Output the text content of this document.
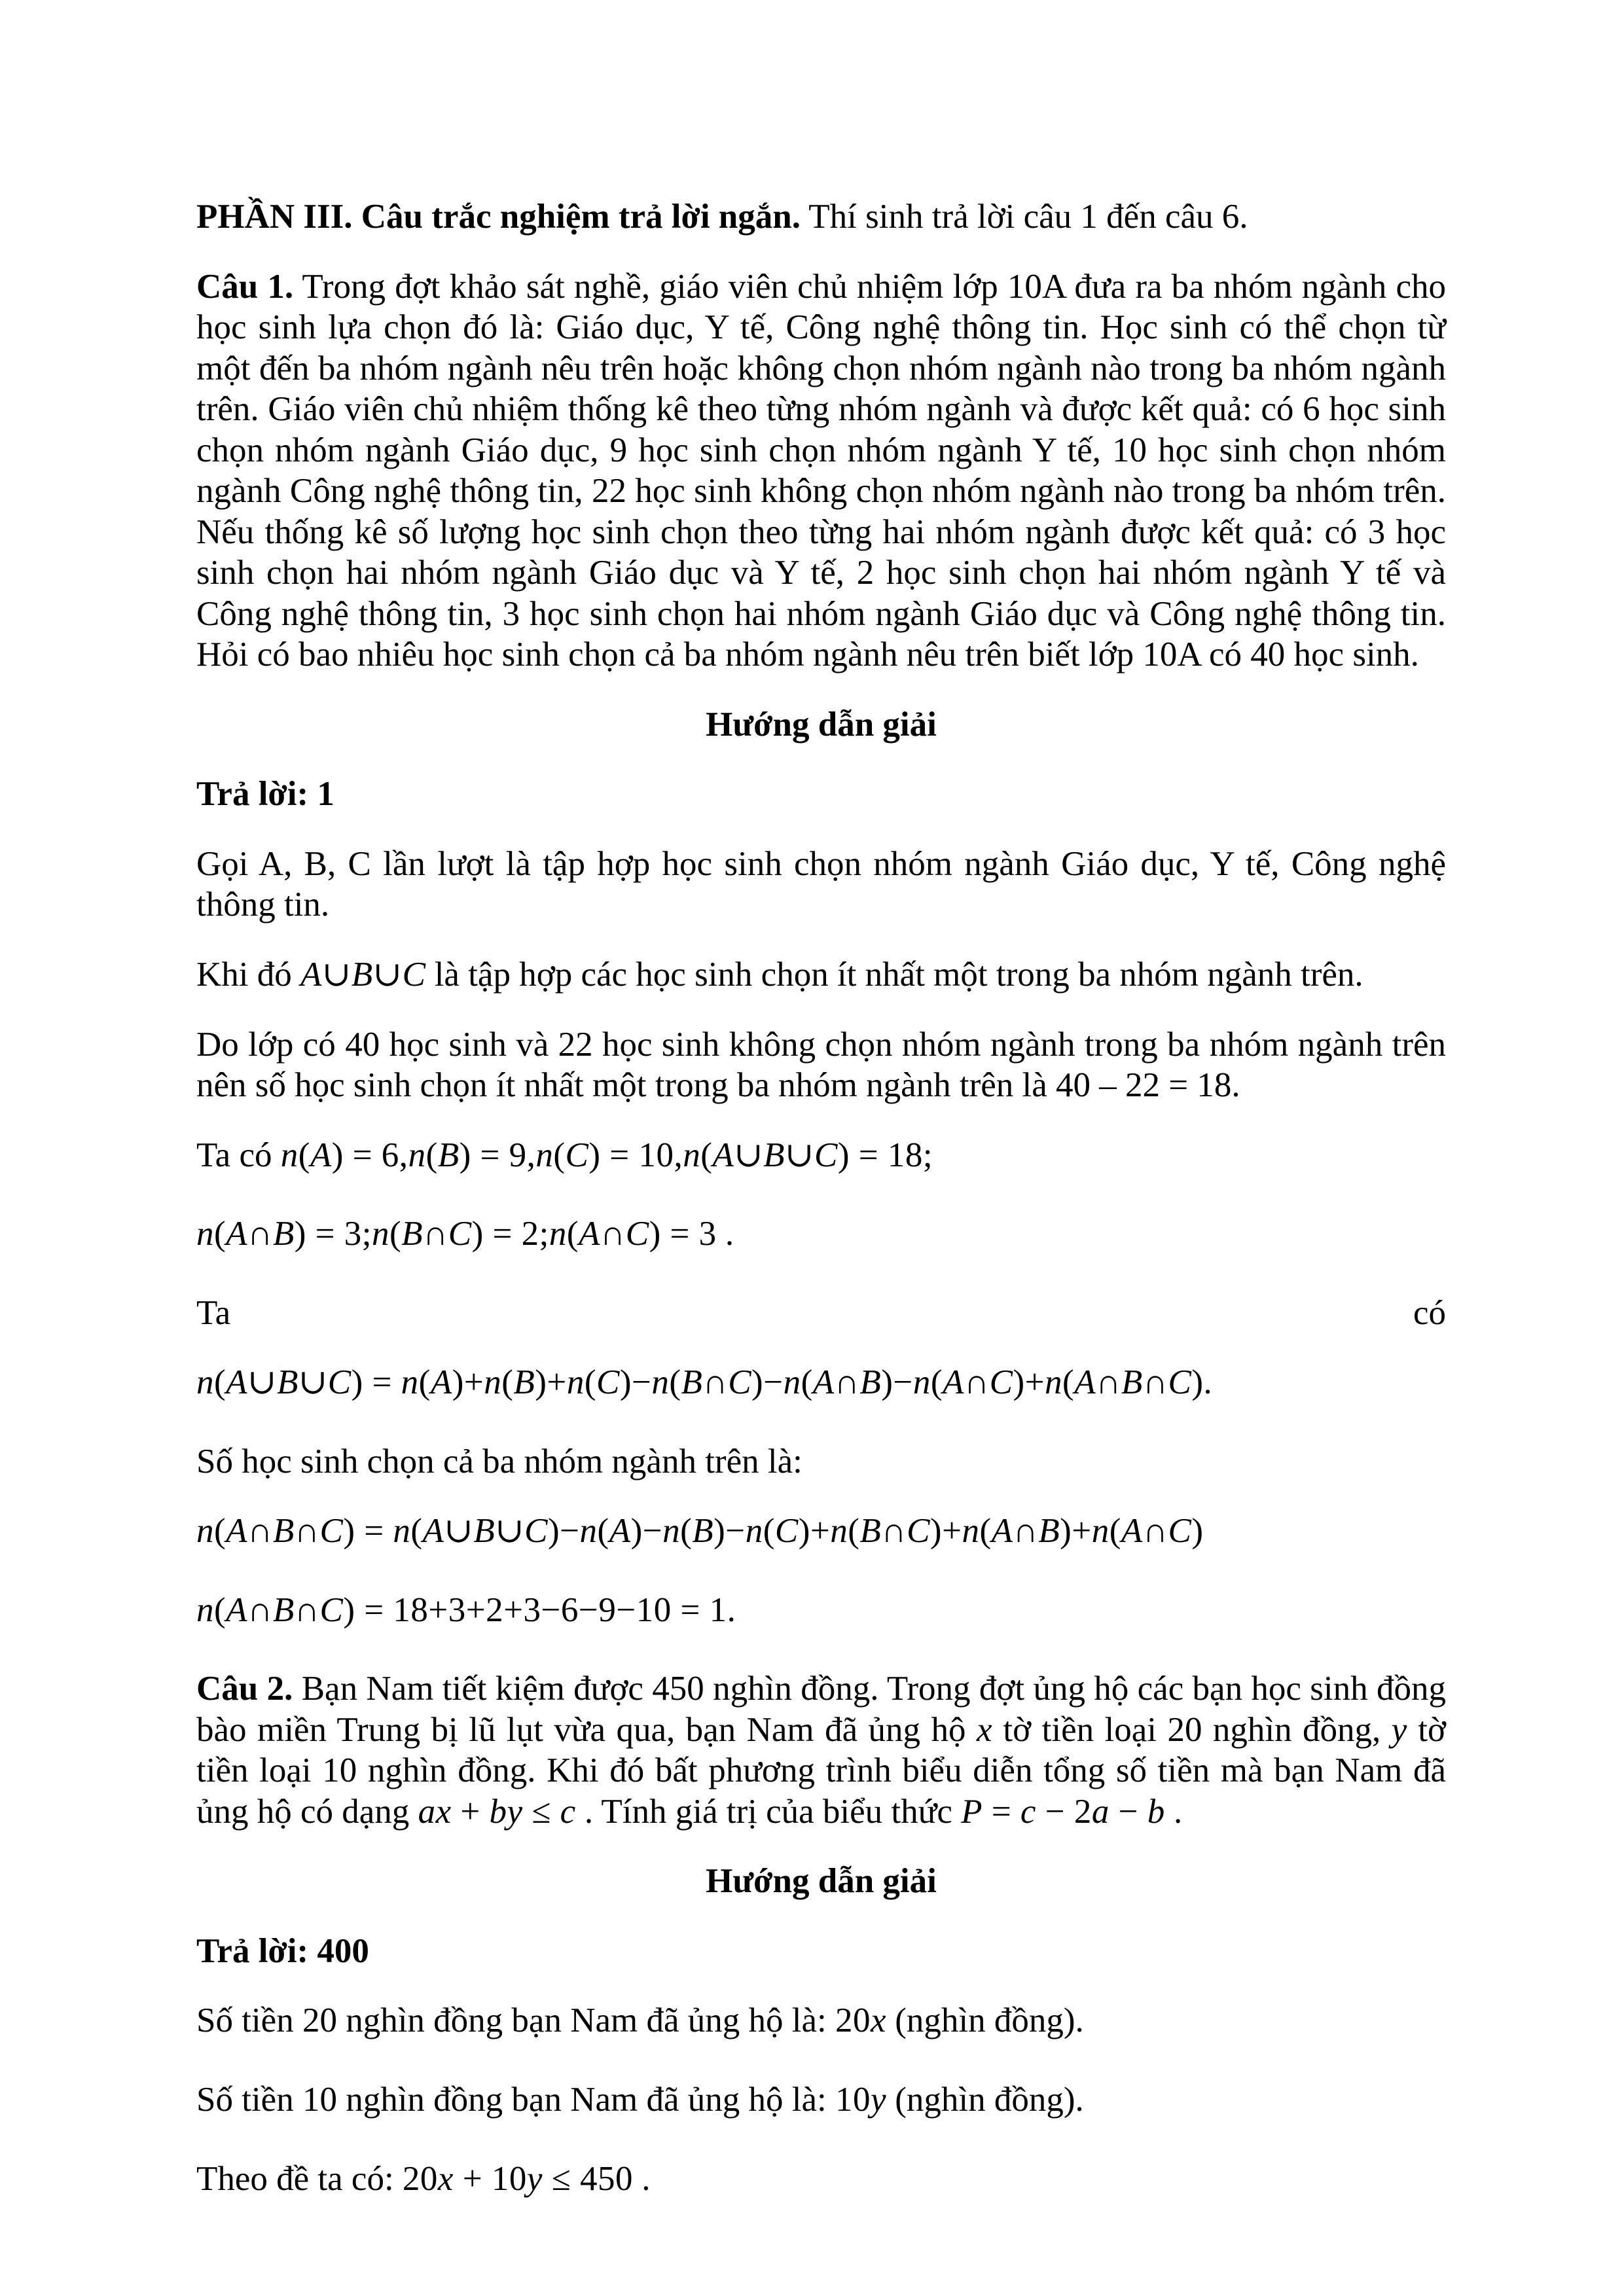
PHẦN III. Câu trắc nghiệm trả lời ngắn. Thí sinh trả lời câu 1 đến câu 6.

Câu 1. Trong đợt khảo sát nghề, giáo viên chủ nhiệm lớp 10A đưa ra ba nhóm ngành cho học sinh lựa chọn đó là: Giáo dục, Y tế, Công nghệ thông tin. Học sinh có thể chọn từ một đến ba nhóm ngành nêu trên hoặc không chọn nhóm ngành nào trong ba nhóm ngành trên. Giáo viên chủ nhiệm thống kê theo từng nhóm ngành và được kết quả: có 6 học sinh chọn nhóm ngành Giáo dục, 9 học sinh chọn nhóm ngành Y tế, 10 học sinh chọn nhóm ngành Công nghệ thông tin, 22 học sinh không chọn nhóm ngành nào trong ba nhóm trên. Nếu thống kê số lượng học sinh chọn theo từng hai nhóm ngành được kết quả: có 3 học sinh chọn hai nhóm ngành Giáo dục và Y tế, 2 học sinh chọn hai nhóm ngành Y tế và Công nghệ thông tin, 3 học sinh chọn hai nhóm ngành Giáo dục và Công nghệ thông tin. Hỏi có bao nhiêu học sinh chọn cả ba nhóm ngành nêu trên biết lớp 10A có 40 học sinh.

Hướng dẫn giải

Trả lời: 1

Gọi A, B, C lần lượt là tập hợp học sinh chọn nhóm ngành Giáo dục, Y tế, Công nghệ thông tin.

Khi đó A∪B∪C là tập hợp các học sinh chọn ít nhất một trong ba nhóm ngành trên.

Do lớp có 40 học sinh và 22 học sinh không chọn nhóm ngành trong ba nhóm ngành trên nên số học sinh chọn ít nhất một trong ba nhóm ngành trên là 40 – 22 = 18.

Ta có n(A) = 6,n(B) = 9,n(C) = 10,n(A∪B∪C) = 18;

n(A∩B) = 3;n(B∩C) = 2;n(A∩C) = 3 .

Ta	có

n(A∪B∪C) = n(A)+n(B)+n(C)−n(B∩C)−n(A∩B)−n(A∩C)+n(A∩B∩C).

Số học sinh chọn cả ba nhóm ngành trên là:

n(A∩B∩C) = n(A∪B∪C)−n(A)−n(B)−n(C)+n(B∩C)+n(A∩B)+n(A∩C)

n(A∩B∩C) = 18+3+2+3−6−9−10 = 1.

Câu 2. Bạn Nam tiết kiệm được 450 nghìn đồng. Trong đợt ủng hộ các bạn học sinh đồng bào miền Trung bị lũ lụt vừa qua, bạn Nam đã ủng hộ x tờ tiền loại 20 nghìn đồng, y tờ tiền loại 10 nghìn đồng. Khi đó bất phương trình biểu diễn tổng số tiền mà bạn Nam đã ủng hộ có dạng ax + by ≤ c . Tính giá trị của biểu thức P = c − 2a − b .

Hướng dẫn giải

Trả lời: 400

Số tiền 20 nghìn đồng bạn Nam đã ủng hộ là: 20x (nghìn đồng).

Số tiền 10 nghìn đồng bạn Nam đã ủng hộ là: 10y (nghìn đồng).

Theo đề ta có: 20x + 10y ≤ 450 .
